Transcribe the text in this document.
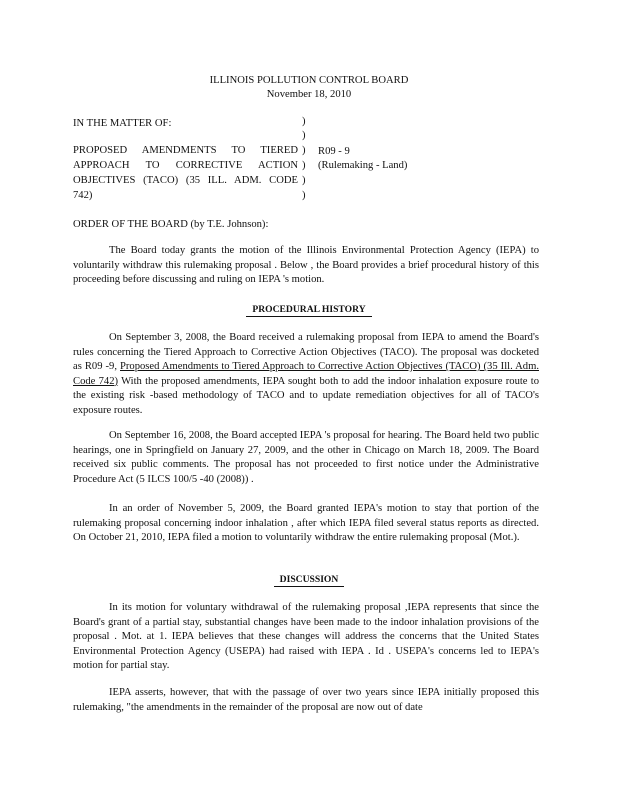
ILLINOIS POLLUTION CONTROL BOARD
November 18, 2010
IN THE MATTER OF:
PROPOSED AMENDMENTS TO TIERED
APPROACH TO CORRECTIVE ACTION
OBJECTIVES (TACO) (35 ILL. ADM. CODE
742)
)
)
)
)
)
)
R09 - 9
(Rulemaking - Land)
ORDER OF THE BOARD (by T.E. Johnson):
The Board today grants the motion of the Illinois Environmental Protection Agency (IEPA) to voluntarily withdraw this rulemaking proposal . Below , the Board provides a brief procedural history of this proceeding before discussing and ruling on IEPA 's motion.
PROCEDURAL HISTORY
On September 3, 2008, the Board received a rulemaking proposal from IEPA to amend the Board's rules concerning the Tiered Approach to Corrective Action Objectives (TACO). The proposal was docketed as R09 -9, Proposed Amendments to Tiered Approach to Corrective Action Objectives (TACO) (35 Ill. Adm. Code 742) With the proposed amendments, IEPA sought both to add the indoor inhalation exposure route to the existing risk -based methodology of TACO and to update remediation objectives for all of TACO's exposure routes.
On September 16, 2008, the Board accepted IEPA 's proposal for hearing. The Board held two public hearings, one in Springfield on January 27, 2009, and the other in Chicago on March 18, 2009. The Board received six public comments. The proposal has not proceeded to first notice under the Administrative Procedure Act (5 ILCS 100/5 -40 (2008)) .
In an order of November 5, 2009, the Board granted IEPA's motion to stay that portion of the rulemaking proposal concerning indoor inhalation , after which IEPA filed several status reports as directed. On October 21, 2010, IEPA filed a motion to voluntarily withdraw the entire rulemaking proposal (Mot.).
DISCUSSION
In its motion for voluntary withdrawal of the rulemaking proposal ,IEPA represents that since the Board's grant of a partial stay, substantial changes have been made to the indoor inhalation provisions of the proposal . Mot. at 1. IEPA believes that these changes will address the concerns that the United States Environmental Protection Agency (USEPA) had raised with IEPA . Id . USEPA's concerns led to IEPA's motion for partial stay.
IEPA asserts, however, that with the passage of over two years since IEPA initially proposed this rulemaking, "the amendments in the remainder of the proposal are now out of date
